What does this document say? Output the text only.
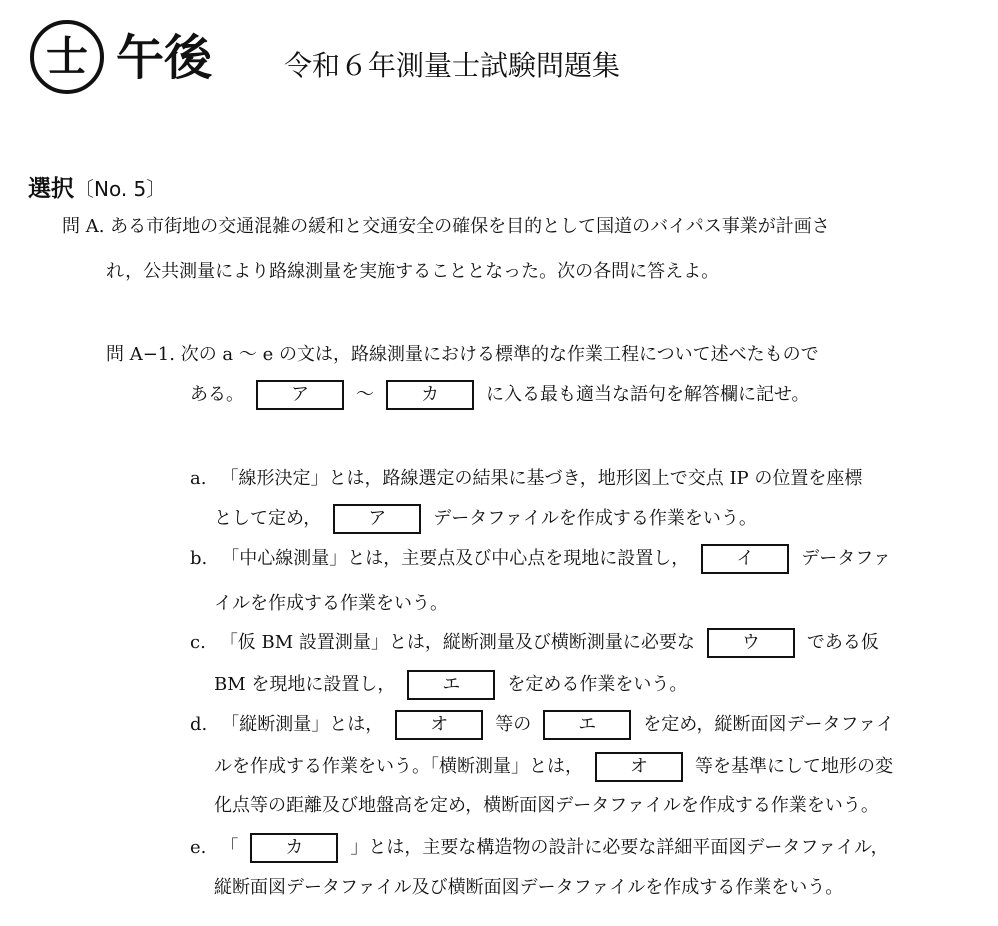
士 午後	令和６年測量士試験問題集
選択〔No. 5〕
問 A. ある市街地の交通混雑の緩和と交通安全の確保を目的として国道のバイパス事業が計画さ
れ，公共測量により路線測量を実施することとなった。次の各問に答えよ。
問 A−1. 次の a 〜 e の文は，路線測量における標準的な作業工程について述べたもので
ある。	ア	〜	カ	に入る最も適当な語句を解答欄に記せ。
a. 「線形決定」とは，路線選定の結果に基づき，地形図上で交点 IP の位置を座標
として定め，	ア	データファイルを作成する作業をいう。
b. 「中心線測量」とは，主要点及び中心点を現地に設置し，	イ	データファ
イルを作成する作業をいう。
c. 「仮 BM 設置測量」とは，縦断測量及び横断測量に必要な	ウ	である仮
BM を現地に設置し，	エ	を定める作業をいう。
d. 「縦断測量」とは，	オ	等の	エ	を定め，縦断面図データファイ
ルを作成する作業をいう。「横断測量」とは，	オ	等を基準にして地形の変
化点等の距離及び地盤高を定め，横断面図データファイルを作成する作業をいう。
e. 「	カ	」とは，主要な構造物の設計に必要な詳細平面図データファイル，
縦断面図データファイル及び横断面図データファイルを作成する作業をいう。
